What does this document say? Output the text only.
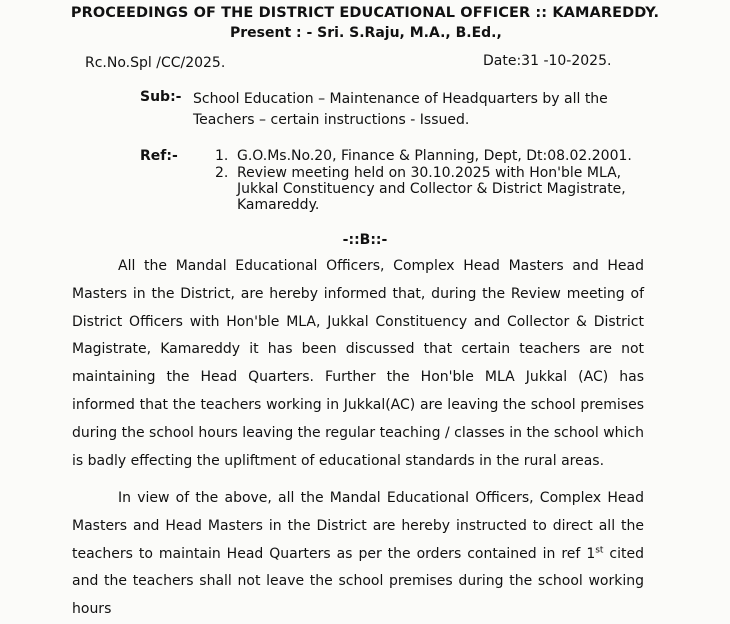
PROCEEDINGS OF THE DISTRICT EDUCATIONAL OFFICER :: KAMAREDDY.
Present : - Sri. S.Raju, M.A., B.Ed.,
Rc.No.Spl /CC/2025.	Date:31 -10-2025.
Sub:- School Education – Maintenance of Headquarters by all the Teachers – certain instructions - Issued.
Ref:-	1. G.O.Ms.No.20, Finance & Planning, Dept, Dt:08.02.2001.
2. Review meeting held on 30.10.2025 with Hon'ble MLA, Jukkal Constituency and Collector & District Magistrate, Kamareddy.
-::B::-

All the Mandal Educational Officers, Complex Head Masters and Head Masters in the District, are hereby informed that, during the Review meeting of District Officers with Hon'ble MLA, Jukkal Constituency and Collector & District Magistrate, Kamareddy it has been discussed that certain teachers are not maintaining the Head Quarters. Further the Hon'ble MLA Jukkal (AC) has informed that the teachers working in Jukkal(AC) are leaving the school premises during the school hours leaving the regular teaching / classes in the school which is badly effecting the upliftment of educational standards in the rural areas.

In view of the above, all the Mandal Educational Officers, Complex Head Masters and Head Masters in the District are hereby instructed to direct all the teachers to maintain Head Quarters as per the orders contained in ref 1st cited and the teachers shall not leave the school premises during the school working hours
